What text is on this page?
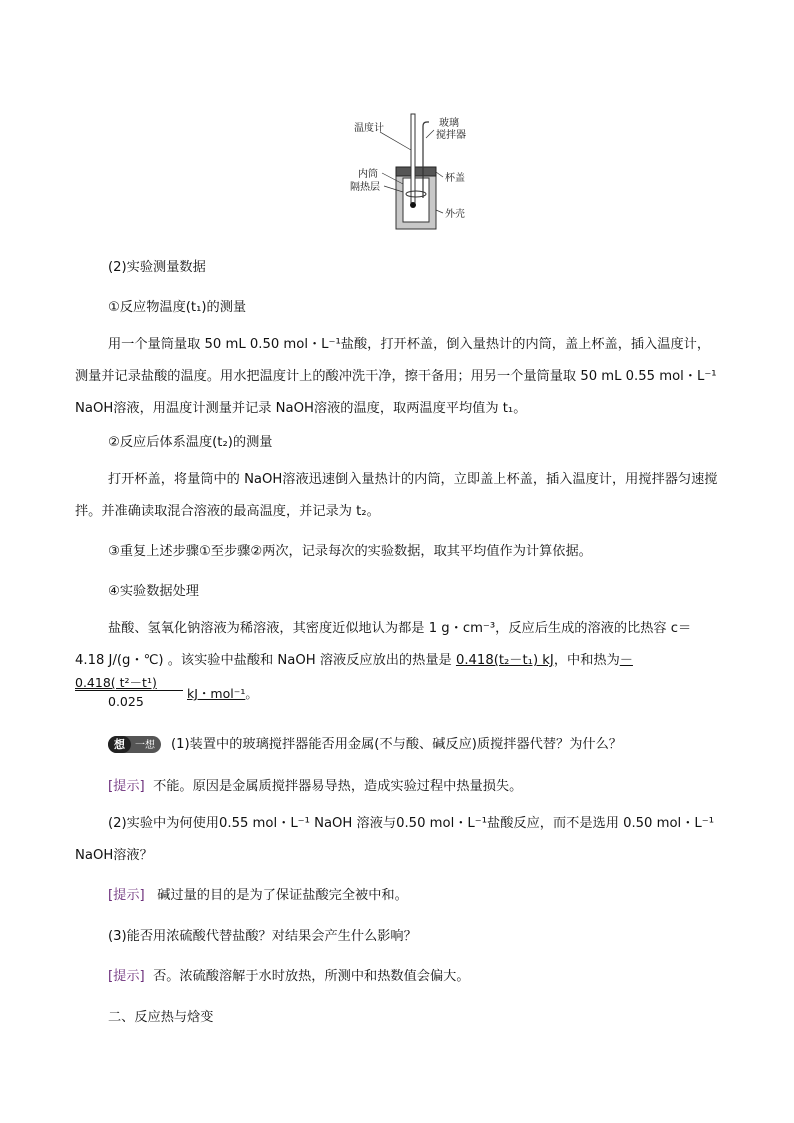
温度计	玻璃
搅拌器
内筒
隔热层
杯盖
外壳
(2)实验测量数据
①反应物温度(t₁)的测量
用一个量筒量取 50 mL 0.50 mol・L⁻¹盐酸，打开杯盖，倒入量热计的内筒，盖上杯盖，插入温度计，测量并记录盐酸的温度。用水把温度计上的酸冲洗干净，擦干备用；用另一个量筒量取 50 mL 0.55 mol・L⁻¹ NaOH溶液，用温度计测量并记录 NaOH溶液的温度，取两温度平均值为 t₁。
②反应后体系温度(t₂)的测量
打开杯盖，将量筒中的 NaOH溶液迅速倒入量热计的内筒，立即盖上杯盖，插入温度计，用搅拌器匀速搅拌。并准确读取混合溶液的最高温度，并记录为 t₂。
③重复上述步骤①至步骤②两次，记录每次的实验数据，取其平均值作为计算依据。
④实验数据处理
盐酸、氢氧化钠溶液为稀溶液，其密度近似地认为都是 1 g・cm⁻³，反应后生成的溶液的比热容 c＝4.18 J/(g・℃) 。该实验中盐酸和 NaOH 溶液反应放出的热量是 0.418(t₂－t₁) kJ，中和热为－
0.418( t²－t¹)
0.025
kJ・mol⁻¹。
想 一想 (1)装置中的玻璃搅拌器能否用金属(不与酸、碱反应)质搅拌器代替？为什么？
[提示] 不能。原因是金属质搅拌器易导热，造成实验过程中热量损失。
(2)实验中为何使用0.55 mol・L⁻¹ NaOH 溶液与0.50 mol・L⁻¹盐酸反应，而不是选用 0.50 mol・L⁻¹ NaOH溶液？
[提示] 碱过量的目的是为了保证盐酸完全被中和。
(3)能否用浓硫酸代替盐酸？对结果会产生什么影响？
[提示] 否。浓硫酸溶解于水时放热，所测中和热数值会偏大。
二、反应热与焓变
